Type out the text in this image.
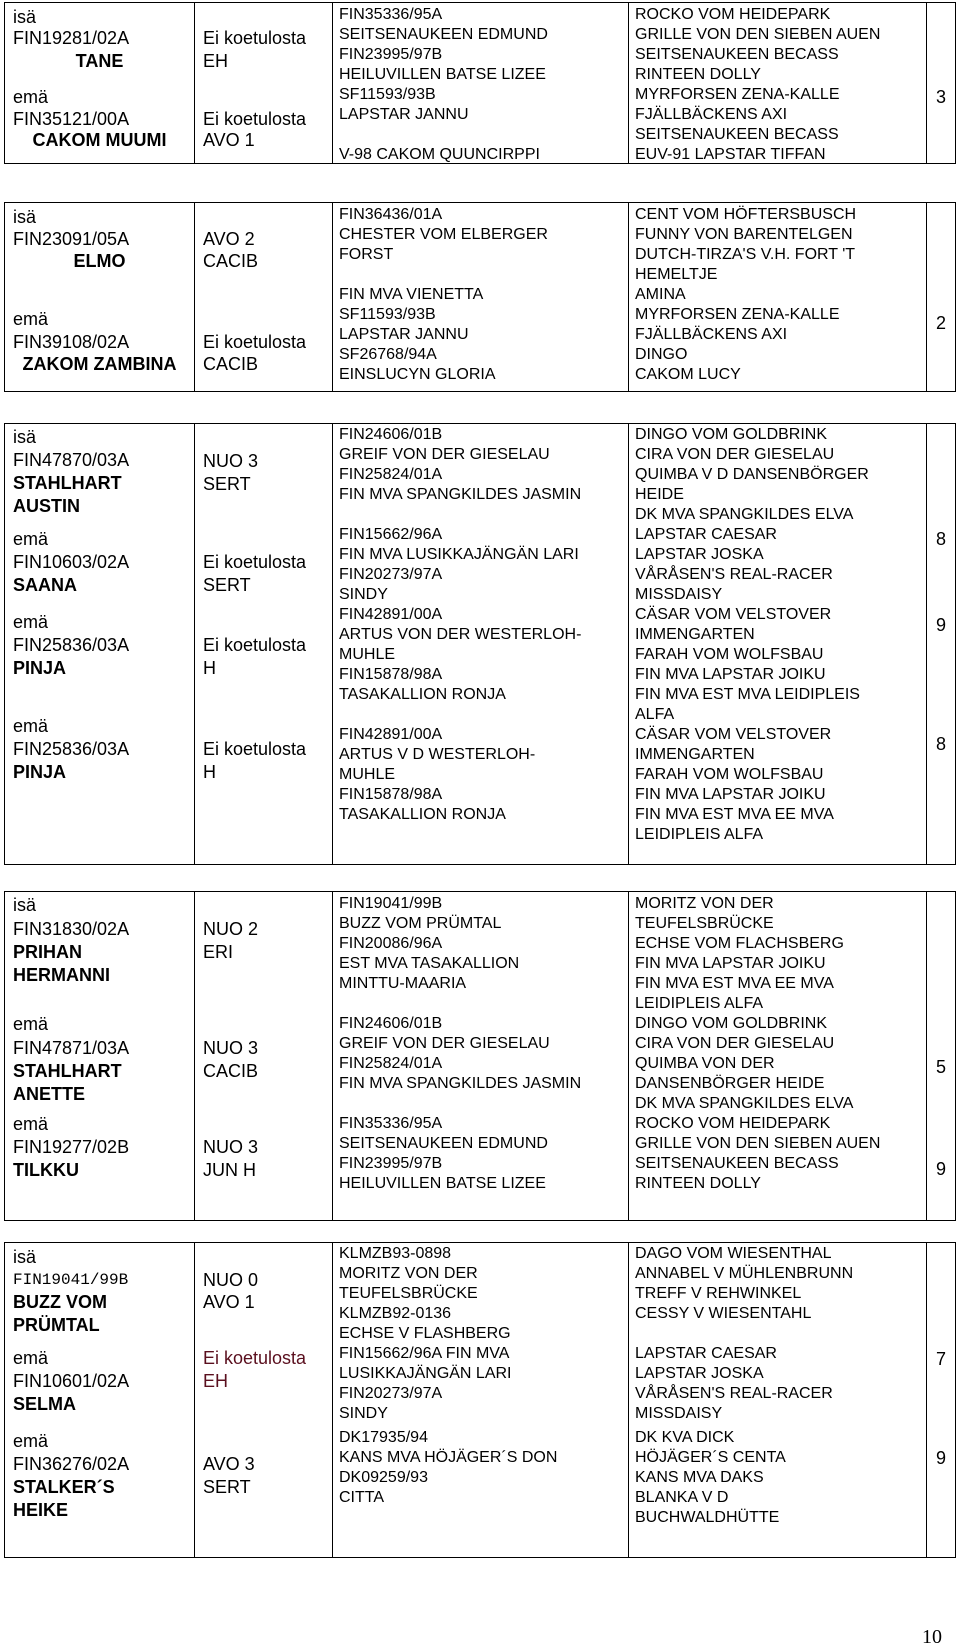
isä
FIN19281/02A
TANE
emä
FIN35121/00A
CAKOM MUUMI
Ei koetulosta
EH
Ei koetulosta
AVO 1
FIN35336/95A
SEITSENAUKEEN EDMUND
FIN23995/97B
HEILUVILLEN BATSE LIZEE
SF11593/93B
LAPSTAR JANNU
V-98 CAKOM QUUNCIRPPI
ROCKO VOM HEIDEPARK
GRILLE VON DEN SIEBEN AUEN
SEITSENAUKEEN BECASS
RINTEEN DOLLY
MYRFORSEN ZENA-KALLE
FJÄLLBÄCKENS AXI
SEITSENAUKEEN BECASS
EUV-91 LAPSTAR TIFFAN
3
isä
FIN23091/05A
ELMO
emä
FIN39108/02A
ZAKOM ZAMBINA
AVO 2
CACIB
Ei koetulosta
CACIB
FIN36436/01A
CHESTER VOM ELBERGER
FORST
FIN MVA VIENETTA
SF11593/93B
LAPSTAR JANNU
SF26768/94A
EINSLUCYN GLORIA
CENT VOM HÖFTERSBUSCH
FUNNY VON BARENTELGEN
DUTCH-TIRZA'S V.H. FORT 'T
HEMELTJE
AMINA
MYRFORSEN ZENA-KALLE
FJÄLLBÄCKENS AXI
DINGO
CAKOM LUCY
2
isä
FIN47870/03A
STAHLHART
AUSTIN
emä
FIN10603/02A
SAANA
emä
FIN25836/03A
PINJA
emä
FIN25836/03A
PINJA
NUO 3
SERT
Ei koetulosta
SERT
Ei koetulosta
H
Ei koetulosta
H
FIN24606/01B
GREIF VON DER GIESELAU
FIN25824/01A
FIN MVA SPANGKILDES JASMIN
FIN15662/96A
FIN MVA LUSIKKAJÄNGÄN LARI
FIN20273/97A
SINDY
FIN42891/00A
ARTUS VON DER WESTERLOH-
MUHLE
FIN15878/98A
TASAKALLION RONJA
FIN42891/00A
ARTUS V D WESTERLOH-
MUHLE
FIN15878/98A
TASAKALLION RONJA
DINGO VOM GOLDBRINK
CIRA VON DER GIESELAU
QUIMBA V D DANSENBÖRGER
HEIDE
DK MVA SPANGKILDES ELVA
LAPSTAR CAESAR
LAPSTAR JOSKA
VÅRÅSEN'S REAL-RACER
MISSDAISY
CÄSAR VOM VELSTOVER
IMMENGARTEN
FARAH VOM WOLFSBAU
FIN MVA LAPSTAR JOIKU
FIN MVA EST MVA LEIDIPLEIS
ALFA
CÄSAR VOM VELSTOVER
IMMENGARTEN
FARAH VOM WOLFSBAU
FIN MVA LAPSTAR JOIKU
FIN MVA EST MVA EE MVA
LEIDIPLEIS ALFA
8
9
8
isä
FIN31830/02A
PRIHAN
HERMANNI
emä
FIN47871/03A
STAHLHART
ANETTE
emä
FIN19277/02B
TILKKU
NUO 2
ERI
NUO 3
CACIB
NUO 3
JUN H
FIN19041/99B
BUZZ VOM PRÜMTAL
FIN20086/96A
EST MVA TASAKALLION
MINTTU-MAARIA
FIN24606/01B
GREIF VON DER GIESELAU
FIN25824/01A
FIN MVA SPANGKILDES JASMIN
FIN35336/95A
SEITSENAUKEEN EDMUND
FIN23995/97B
HEILUVILLEN BATSE LIZEE
MORITZ VON DER
TEUFELSBRÜCKE
ECHSE VOM FLACHSBERG
FIN MVA LAPSTAR JOIKU
FIN MVA EST MVA EE MVA
LEIDIPLEIS ALFA
DINGO VOM GOLDBRINK
CIRA VON DER GIESELAU
QUIMBA VON DER
DANSENBÖRGER HEIDE
DK MVA SPANGKILDES ELVA
ROCKO VOM HEIDEPARK
GRILLE VON DEN SIEBEN AUEN
SEITSENAUKEEN BECASS
RINTEEN DOLLY
5
9
isä
FIN19041/99B
BUZZ VOM
PRÜMTAL
emä
FIN10601/02A
SELMA
emä
FIN36276/02A
STALKER´S
HEIKE
NUO 0
AVO 1
Ei koetulosta
EH
AVO 3
SERT
KLMZB93-0898
MORITZ VON DER
TEUFELSBRÜCKE
KLMZB92-0136
ECHSE V FLASHBERG
FIN15662/96A FIN MVA
LUSIKKAJÄNGÄN LARI
FIN20273/97A
SINDY
DK17935/94
KANS MVA HÖJÄGER´S DON
DK09259/93
CITTA
DAGO VOM WIESENTHAL
ANNABEL V MÜHLENBRUNN
TREFF V REHWINKEL
CESSY V WIESENTAHL
LAPSTAR CAESAR
LAPSTAR JOSKA
VÅRÅSEN'S REAL-RACER
MISSDAISY
DK KVA DICK
HÖJÄGER´S CENTA
KANS MVA DAKS
BLANKA V D
BUCHWALDHÜTTE
7
9
10
